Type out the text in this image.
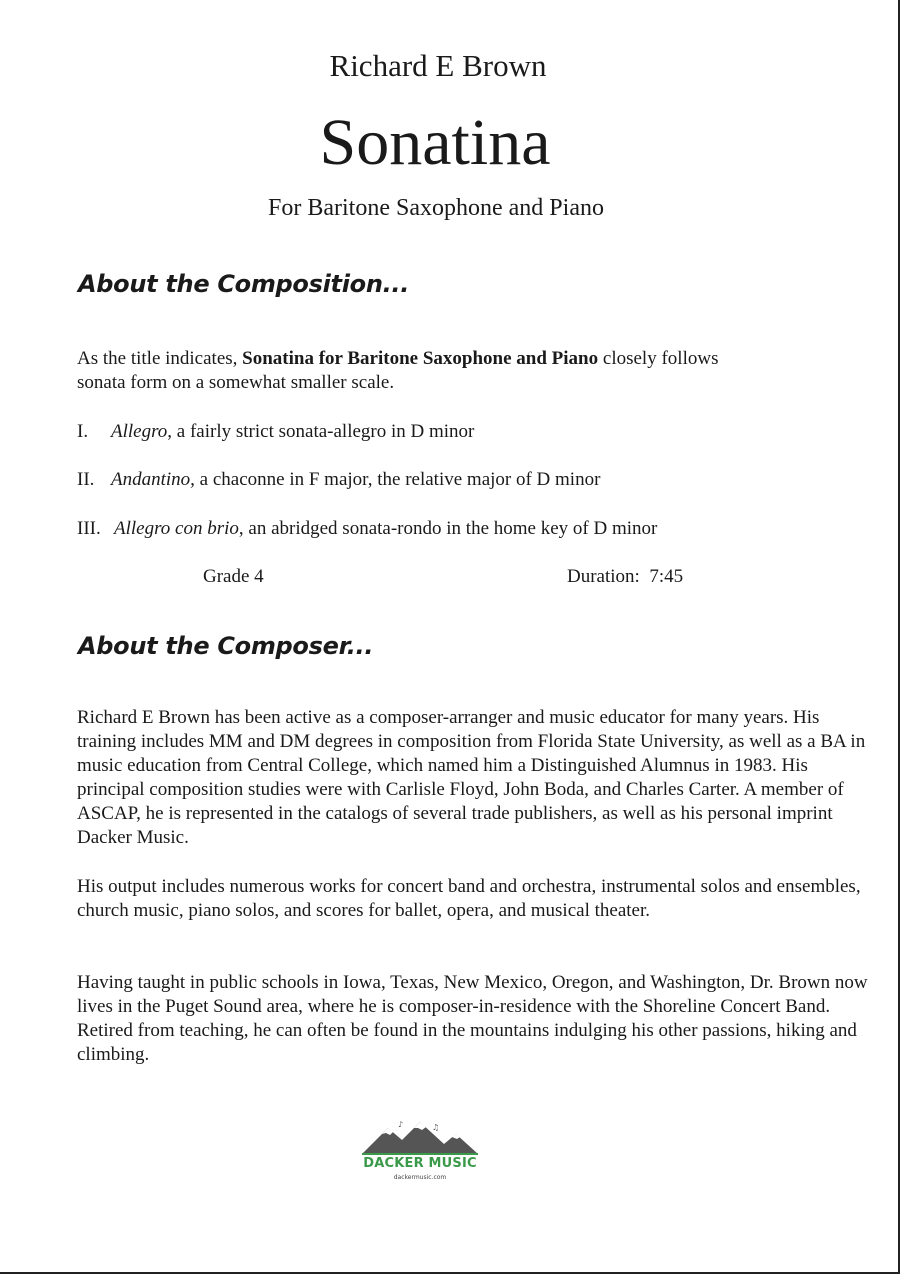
Richard E Brown
Sonatina
For Baritone Saxophone and Piano
About the Composition...
As the title indicates, Sonatina for Baritone Saxophone and Piano closely follows
sonata form on a somewhat smaller scale.
I. Allegro, a fairly strict sonata-allegro in D minor
II. Andantino, a chaconne in F major, the relative major of D minor
III. Allegro con brio, an abridged sonata-rondo in the home key of D minor
Grade 4	Duration:  7:45
About the Composer...
Richard E Brown has been active as a composer-arranger and music educator for many years. His training includes MM and DM degrees in composition from Florida State University, as well as a BA in music education from Central College, which named him a Distinguished Alumnus in 1983. His principal composition studies were with Carlisle Floyd, John Boda, and Charles Carter. A member of ASCAP, he is represented in the catalogs of several trade publishers, as well as his personal imprint Dacker Music.
His output includes numerous works for concert band and orchestra, instrumental solos and ensembles, church music, piano solos, and scores for ballet, opera, and musical theater.
Having taught in public schools in Iowa, Texas, New Mexico, Oregon, and Washington, Dr. Brown now lives in the Puget Sound area, where he is composer-in-residence with the Shoreline Concert Band. Retired from teaching, he can often be found in the mountains indulging his other passions, hiking and climbing.
♪	♫
DACKER MUSIC
dackermusic.com
